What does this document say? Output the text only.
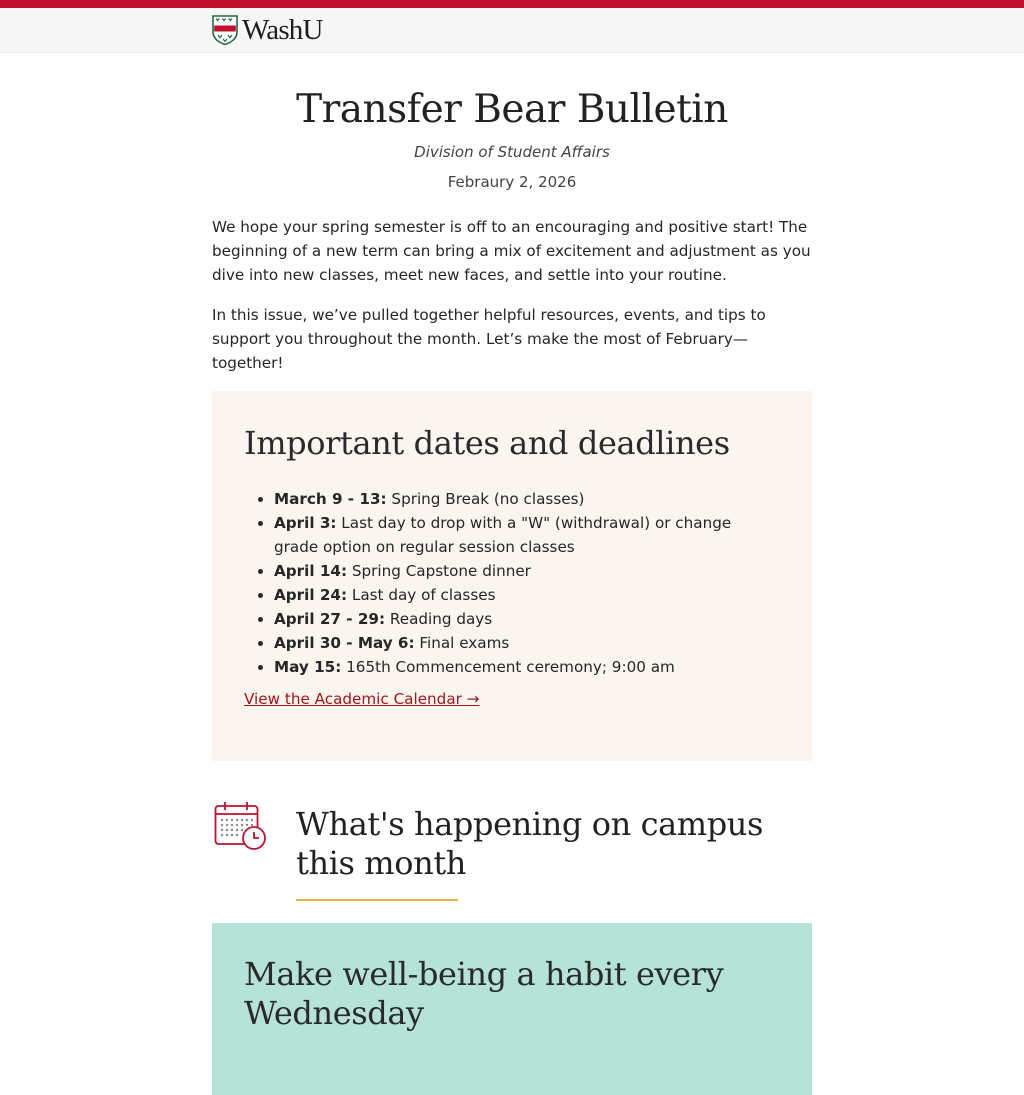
WashU
Transfer Bear Bulletin

Division of Student Affairs

Febraury 2, 2026

We hope your spring semester is off to an encouraging and positive start! The beginning of a new term can bring a mix of excitement and adjustment as you dive into new classes, meet new faces, and settle into your routine.

In this issue, we’ve pulled together helpful resources, events, and tips to support you throughout the month. Let’s make the most of February—together!

Important dates and deadlines
• March 9 - 13: Spring Break (no classes)
• April 3: Last day to drop with a "W" (withdrawal) or change grade option on regular session classes
• April 14: Spring Capstone dinner
• April 24: Last day of classes
• April 27 - 29: Reading days
• April 30 - May 6: Final exams
• May 15: 165th Commencement ceremony; 9:00 am
View the Academic Calendar →
What's happening on campus this month
Make well-being a habit every Wednesday
